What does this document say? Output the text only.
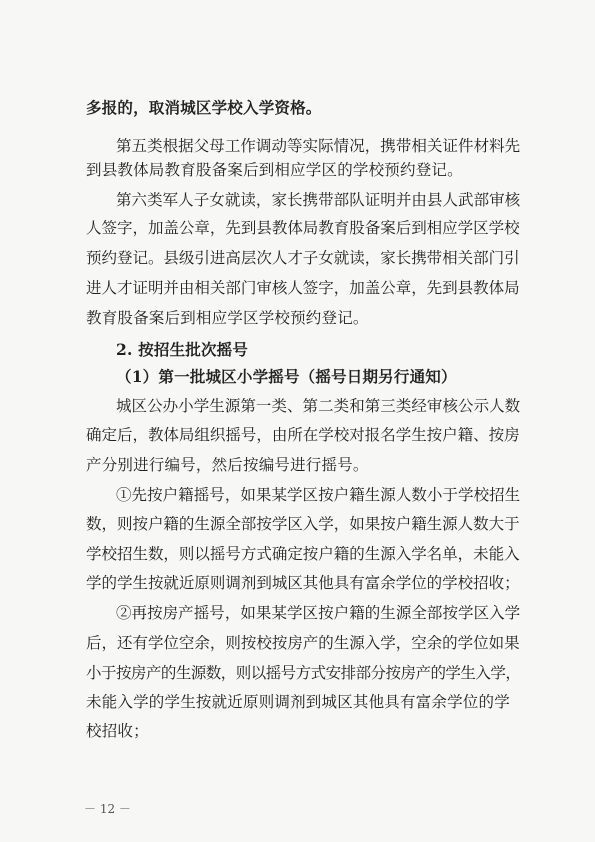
多报的，取消城区学校入学资格。
第五类根据父母工作调动等实际情况，携带相关证件材料先
到县教体局教育股备案后到相应学区的学校预约登记。
第六类军人子女就读，家长携带部队证明并由县人武部审核
人签字，加盖公章，先到县教体局教育股备案后到相应学区学校
预约登记。县级引进高层次人才子女就读，家长携带相关部门引
进人才证明并由相关部门审核人签字，加盖公章，先到县教体局
教育股备案后到相应学区学校预约登记。
2. 按招生批次摇号
（1）第一批城区小学摇号（摇号日期另行通知）
城区公办小学生源第一类、第二类和第三类经审核公示人数
确定后，教体局组织摇号，由所在学校对报名学生按户籍、按房
产分别进行编号，然后按编号进行摇号。
①先按户籍摇号，如果某学区按户籍生源人数小于学校招生
数，则按户籍的生源全部按学区入学，如果按户籍生源人数大于
学校招生数，则以摇号方式确定按户籍的生源入学名单，未能入
学的学生按就近原则调剂到城区其他具有富余学位的学校招收；
②再按房产摇号，如果某学区按户籍的生源全部按学区入学
后，还有学位空余，则按校按房产的生源入学，空余的学位如果
小于按房产的生源数，则以摇号方式安排部分按房产的学生入学，
未能入学的学生按就近原则调剂到城区其他具有富余学位的学
校招收；
－ 12 －
